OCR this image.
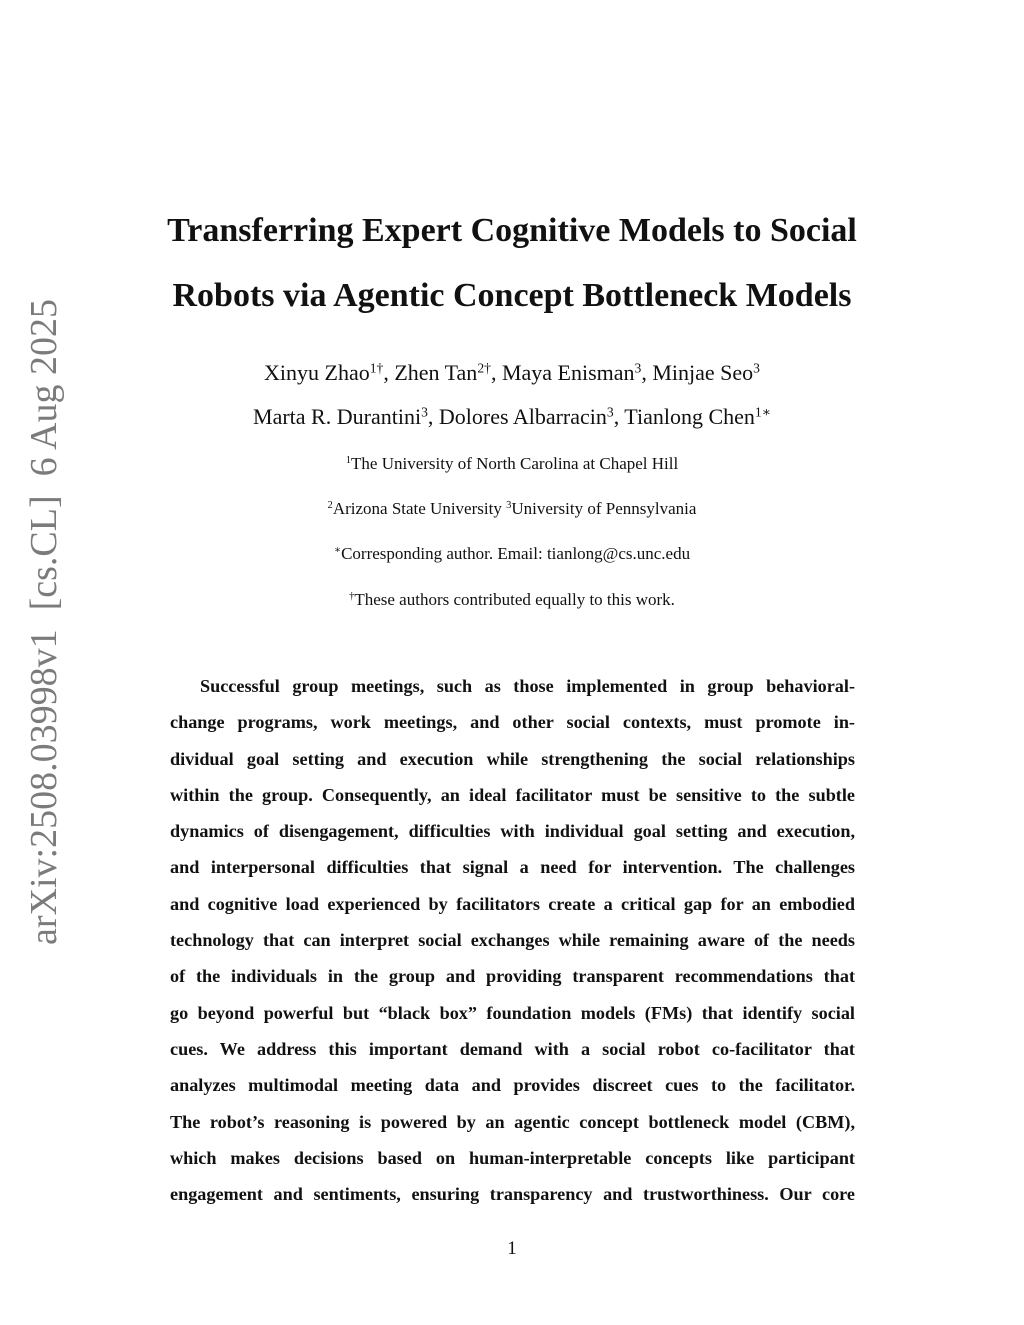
Transferring Expert Cognitive Models to Social
Robots via Agentic Concept Bottleneck Models
Xinyu Zhao$^{1\dagger}$, Zhen Tan$^{2\dagger}$, Maya Enisman$^3$, Minjae Seo$^3$
Marta R. Durantini$^3$, Dolores Albarracin$^3$, Tianlong Chen$^{1∗}$
$^1$The University of North Carolina at Chapel Hill
$^2$Arizona State University $^3$University of Pennsylvania
∗Corresponding author. Email: tianlong@cs.unc.edu
†These authors contributed equally to this work.
Successful group meetings, such as those implemented in group behavioral-
change programs, work meetings, and other social contexts, must promote in-
dividual goal setting and execution while strengthening the social relationships
within the group. Consequently, an ideal facilitator must be sensitive to the subtle
dynamics of disengagement, difficulties with individual goal setting and execution,
and interpersonal difficulties that signal a need for intervention. The challenges
and cognitive load experienced by facilitators create a critical gap for an embodied
technology that can interpret social exchanges while remaining aware of the needs
of the individuals in the group and providing transparent recommendations that
go beyond powerful but “black box” foundation models (FMs) that identify social
cues. We address this important demand with a social robot co-facilitator that
analyzes multimodal meeting data and provides discreet cues to the facilitator.
The robot’s reasoning is powered by an agentic concept bottleneck model (CBM),
which makes decisions based on human-interpretable concepts like participant
engagement and sentiments, ensuring transparency and trustworthiness. Our core
1
arXiv:2508.03998v1  [cs.CL]  6 Aug 2025
